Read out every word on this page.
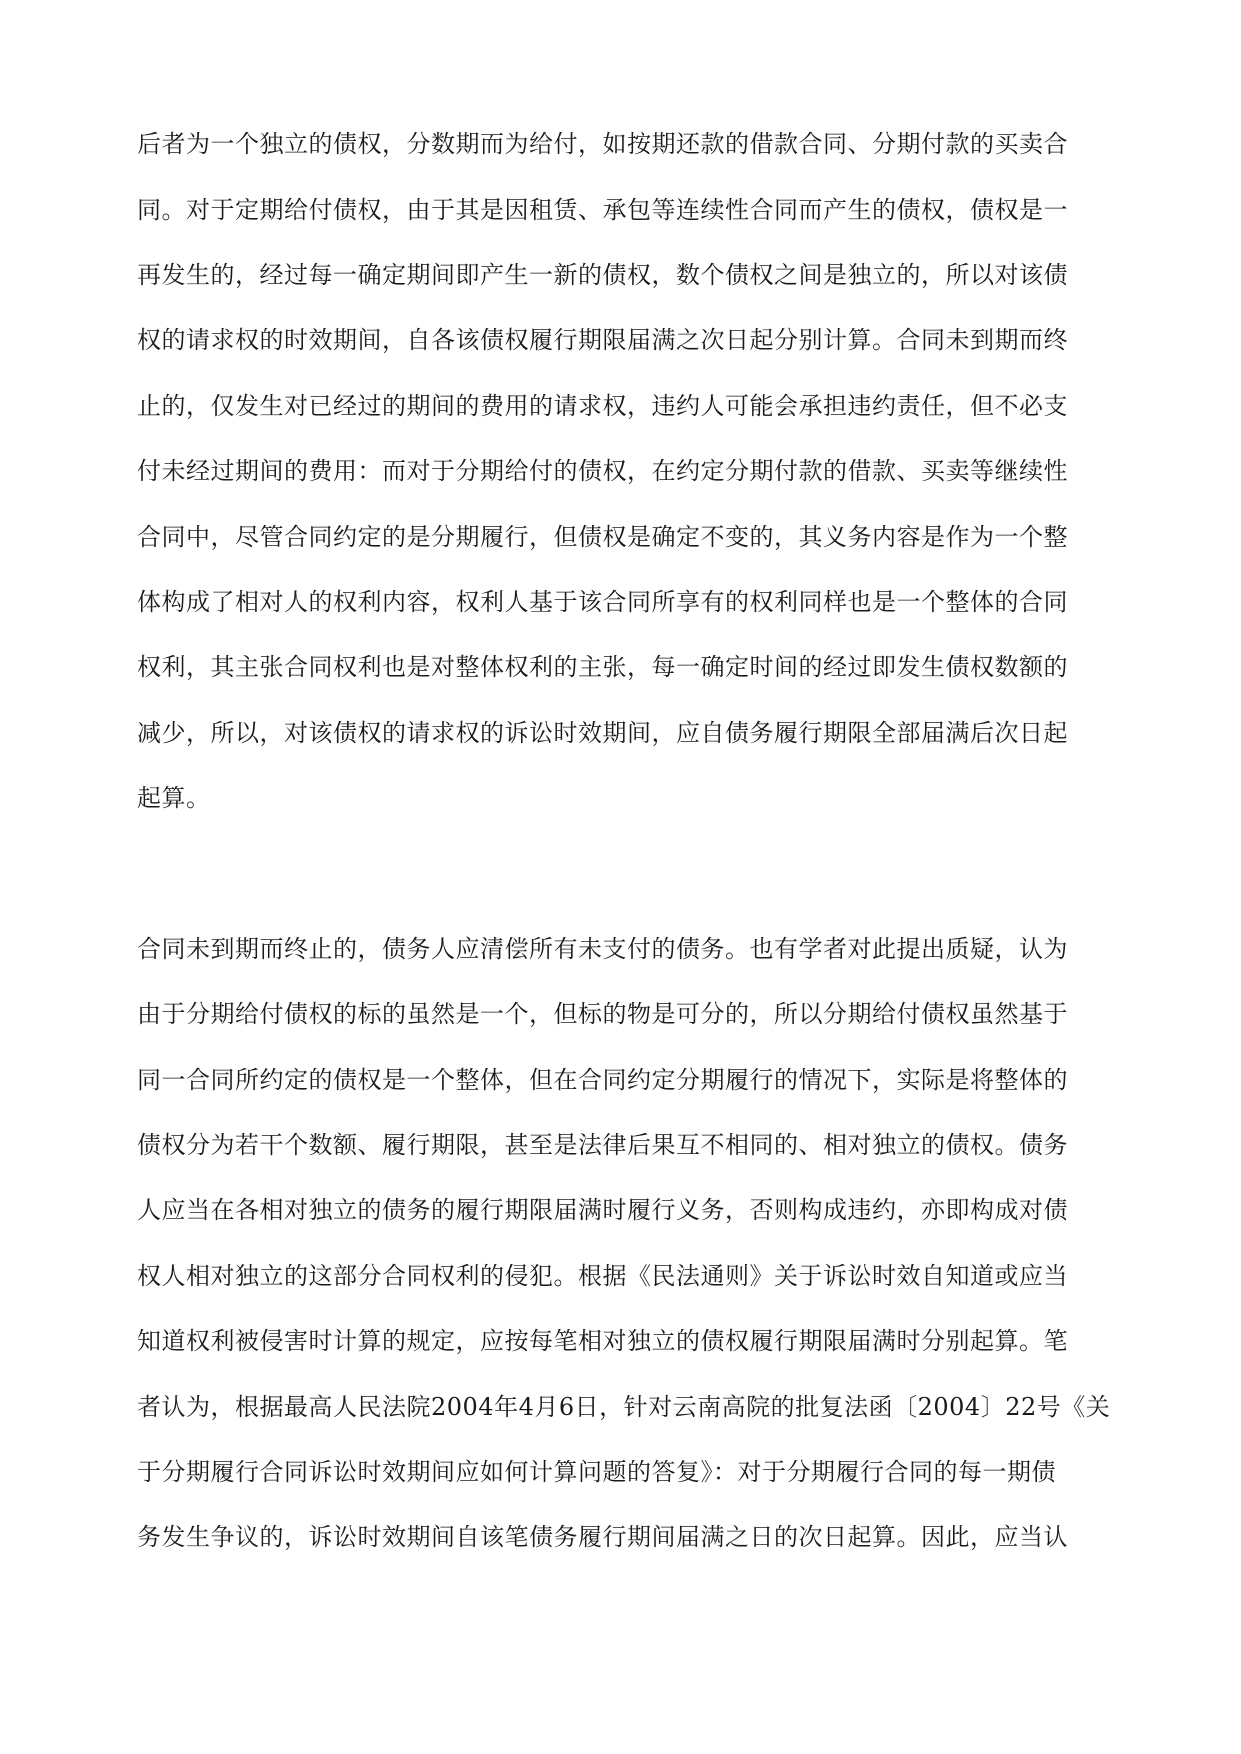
后者为一个独立的债权，分数期而为给付，如按期还款的借款合同、分期付款的买卖合
同。对于定期给付债权，由于其是因租赁、承包等连续性合同而产生的债权，债权是一
再发生的，经过每一确定期间即产生一新的债权，数个债权之间是独立的，所以对该债
权的请求权的时效期间，自各该债权履行期限届满之次日起分别计算。合同未到期而终
止的，仅发生对已经过的期间的费用的请求权，违约人可能会承担违约责任，但不必支
付未经过期间的费用：而对于分期给付的债权，在约定分期付款的借款、买卖等继续性
合同中，尽管合同约定的是分期履行，但债权是确定不变的，其义务内容是作为一个整
体构成了相对人的权利内容，权利人基于该合同所享有的权利同样也是一个整体的合同
权利，其主张合同权利也是对整体权利的主张，每一确定时间的经过即发生债权数额的
减少，所以，对该债权的请求权的诉讼时效期间，应自债务履行期限全部届满后次日起
起算。
合同未到期而终止的，债务人应清偿所有未支付的债务。也有学者对此提出质疑，认为
由于分期给付债权的标的虽然是一个，但标的物是可分的，所以分期给付债权虽然基于
同一合同所约定的债权是一个整体，但在合同约定分期履行的情况下，实际是将整体的
债权分为若干个数额、履行期限，甚至是法律后果互不相同的、相对独立的债权。债务
人应当在各相对独立的债务的履行期限届满时履行义务，否则构成违约，亦即构成对债
权人相对独立的这部分合同权利的侵犯。根据《民法通则》关于诉讼时效自知道或应当
知道权利被侵害时计算的规定，应按每笔相对独立的债权履行期限届满时分别起算。笔
者认为，根据最高人民法院2004年4月6日，针对云南高院的批复法函〔2004〕22号《关
于分期履行合同诉讼时效期间应如何计算问题的答复》：对于分期履行合同的每一期债
务发生争议的，诉讼时效期间自该笔债务履行期间届满之日的次日起算。因此，应当认
